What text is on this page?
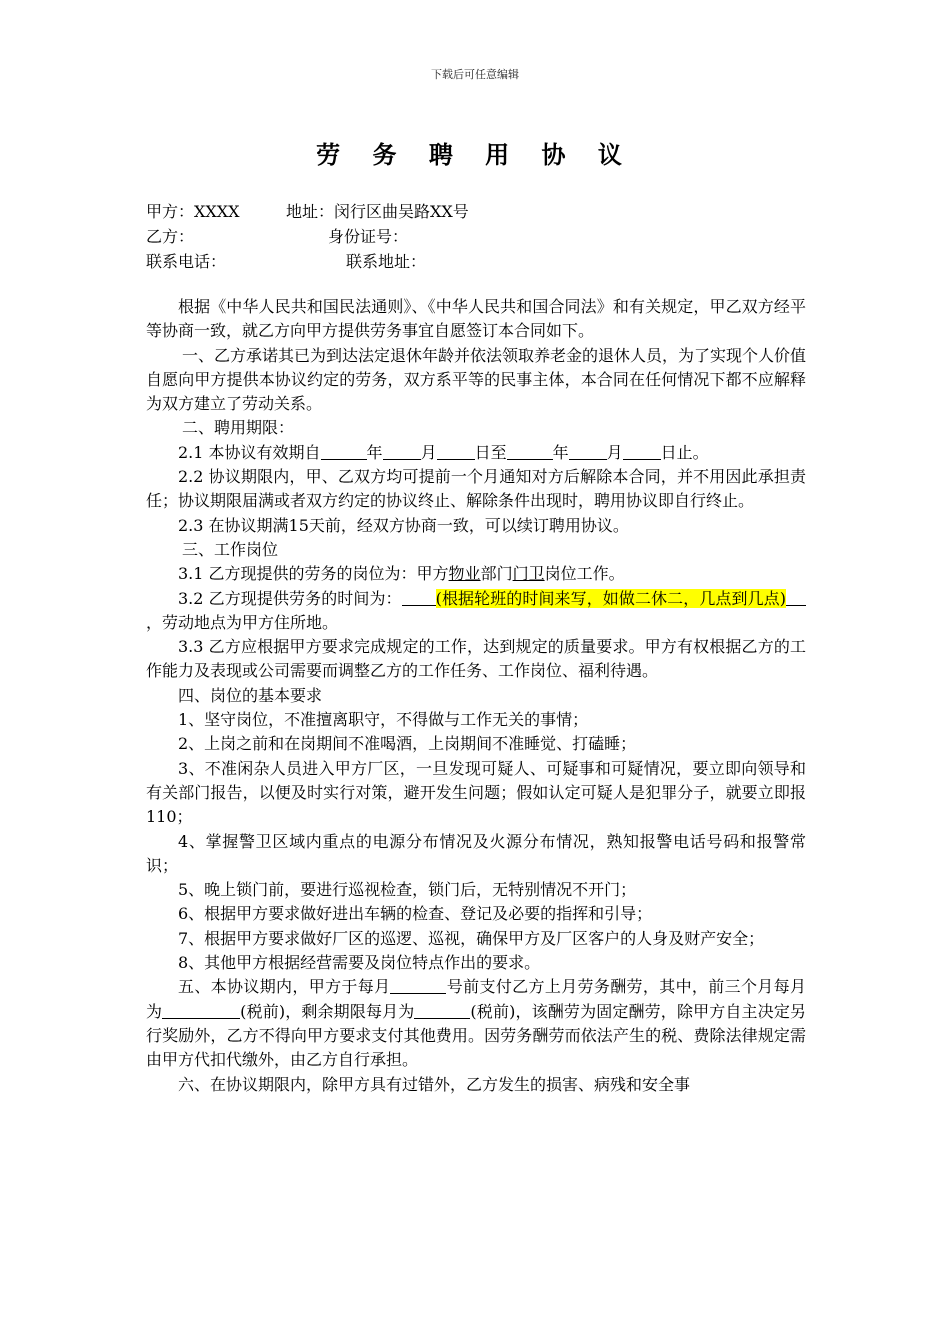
下载后可任意编辑
劳 务 聘 用 协 议
甲方：XXXX	地址：闵行区曲吴路XX号
乙方：	身份证号：
联系电话：	联系地址：

根据《中华人民共和国民法通则》、《中华人民共和国合同法》和有关规定，甲乙双方经平等协商一致，就乙方向甲方提供劳务事宜自愿签订本合同如下。

一、乙方承诺其已为到达法定退休年龄并依法领取养老金的退休人员，为了实现个人价值自愿向甲方提供本协议约定的劳务，双方系平等的民事主体，本合同在任何情况下都不应解释为双方建立了劳动关系。

二、聘用期限：

2.1 本协议有效期自	年 月 日至	年 月 日止。

2.2 协议期限内，甲、乙双方均可提前一个月通知对方后解除本合同，并不用因此承担责任；协议期限届满或者双方约定的协议终止、解除条件出现时，聘用协议即自行终止。

2.3 在协议期满15天前，经双方协商一致，可以续订聘用协议。

三、工作岗位

3.1 乙方现提供的劳务的岗位为：甲方物业部门门卫岗位工作。

3.2 乙方现提供劳务的时间为： (根据轮班的时间来写，如做二休二，几点到几点)，劳动地点为甲方住所地。

3.3 乙方应根据甲方要求完成规定的工作，达到规定的质量要求。甲方有权根据乙方的工作能力及表现或公司需要而调整乙方的工作任务、工作岗位、福利待遇。

四、岗位的基本要求

1、坚守岗位，不准擅离职守，不得做与工作无关的事情；

2、上岗之前和在岗期间不准喝酒，上岗期间不准睡觉、打磕睡；

3、不准闲杂人员进入甲方厂区，一旦发现可疑人、可疑事和可疑情况，要立即向领导和有关部门报告，以便及时实行对策，避开发生问题；假如认定可疑人是犯罪分子，就要立即报110；

4、掌握警卫区域内重点的电源分布情况及火源分布情况，熟知报警电话号码和报警常识；

5、晚上锁门前，要进行巡视检查，锁门后，无特别情况不开门；

6、根据甲方要求做好进出车辆的检查、登记及必要的指挥和引导；

7、根据甲方要求做好厂区的巡逻、巡视，确保甲方及厂区客户的人身及财产安全；

8、其他甲方根据经营需要及岗位特点作出的要求。

五、本协议期内，甲方于每月	号前支付乙方上月劳务酬劳，其中，前三个月每月为	(税前)，剩余期限每月为	(税前)，该酬劳为固定酬劳，除甲方自主决定另行奖励外，乙方不得向甲方要求支付其他费用。因劳务酬劳而依法产生的税、费除法律规定需由甲方代扣代缴外，由乙方自行承担。

六、在协议期限内，除甲方具有过错外，乙方发生的损害、病残和安全事
